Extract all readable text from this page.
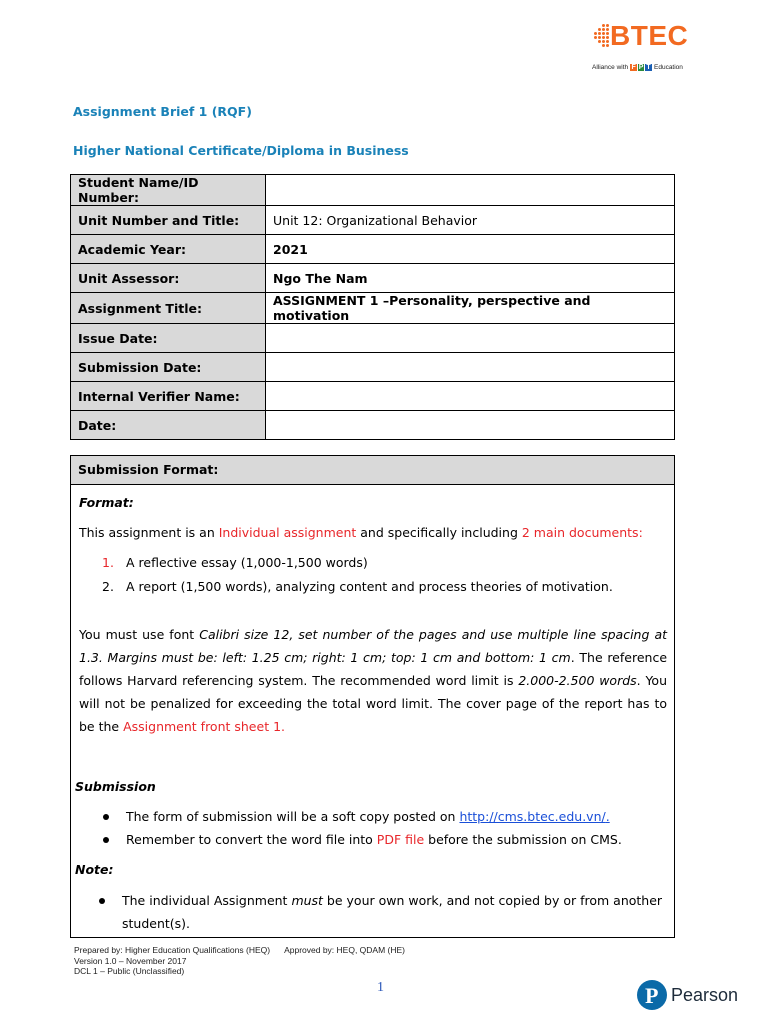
BTEC
Alliance with F P T Education
Assignment Brief 1 (RQF)
Higher National Certificate/Diploma in Business
Student Name/ID Number:	
Unit Number and Title:	Unit 12: Organizational Behavior
Academic Year:	2021
Unit Assessor:	Ngo The Nam
Assignment Title:	ASSIGNMENT 1 –Personality, perspective and motivation
Issue Date:	
Submission Date:	
Internal Verifier Name:	
Date:	
Submission Format:
Format:
This assignment is an Individual assignment and specifically including 2 main documents:
1. A reflective essay (1,000-1,500 words)
2. A report (1,500 words), analyzing content and process theories of motivation.
You must use font Calibri size 12, set number of the pages and use multiple line spacing at 1.3. Margins must be: left: 1.25 cm; right: 1 cm; top: 1 cm and bottom: 1 cm. The reference follows Harvard referencing system. The recommended word limit is 2.000-2.500 words. You will not be penalized for exceeding the total word limit. The cover page of the report has to be the Assignment front sheet 1.
Submission
The form of submission will be a soft copy posted on http://cms.btec.edu.vn/.
Remember to convert the word file into PDF file before the submission on CMS.
Note:
The individual Assignment must be your own work, and not copied by or from another
student(s).
Prepared by: Higher Education Qualifications (HEQ) Approved by: HEQ, QDAM (HE)
Version 1.0 – November 2017
DCL 1 – Public (Unclassified)
1	P Pearson
